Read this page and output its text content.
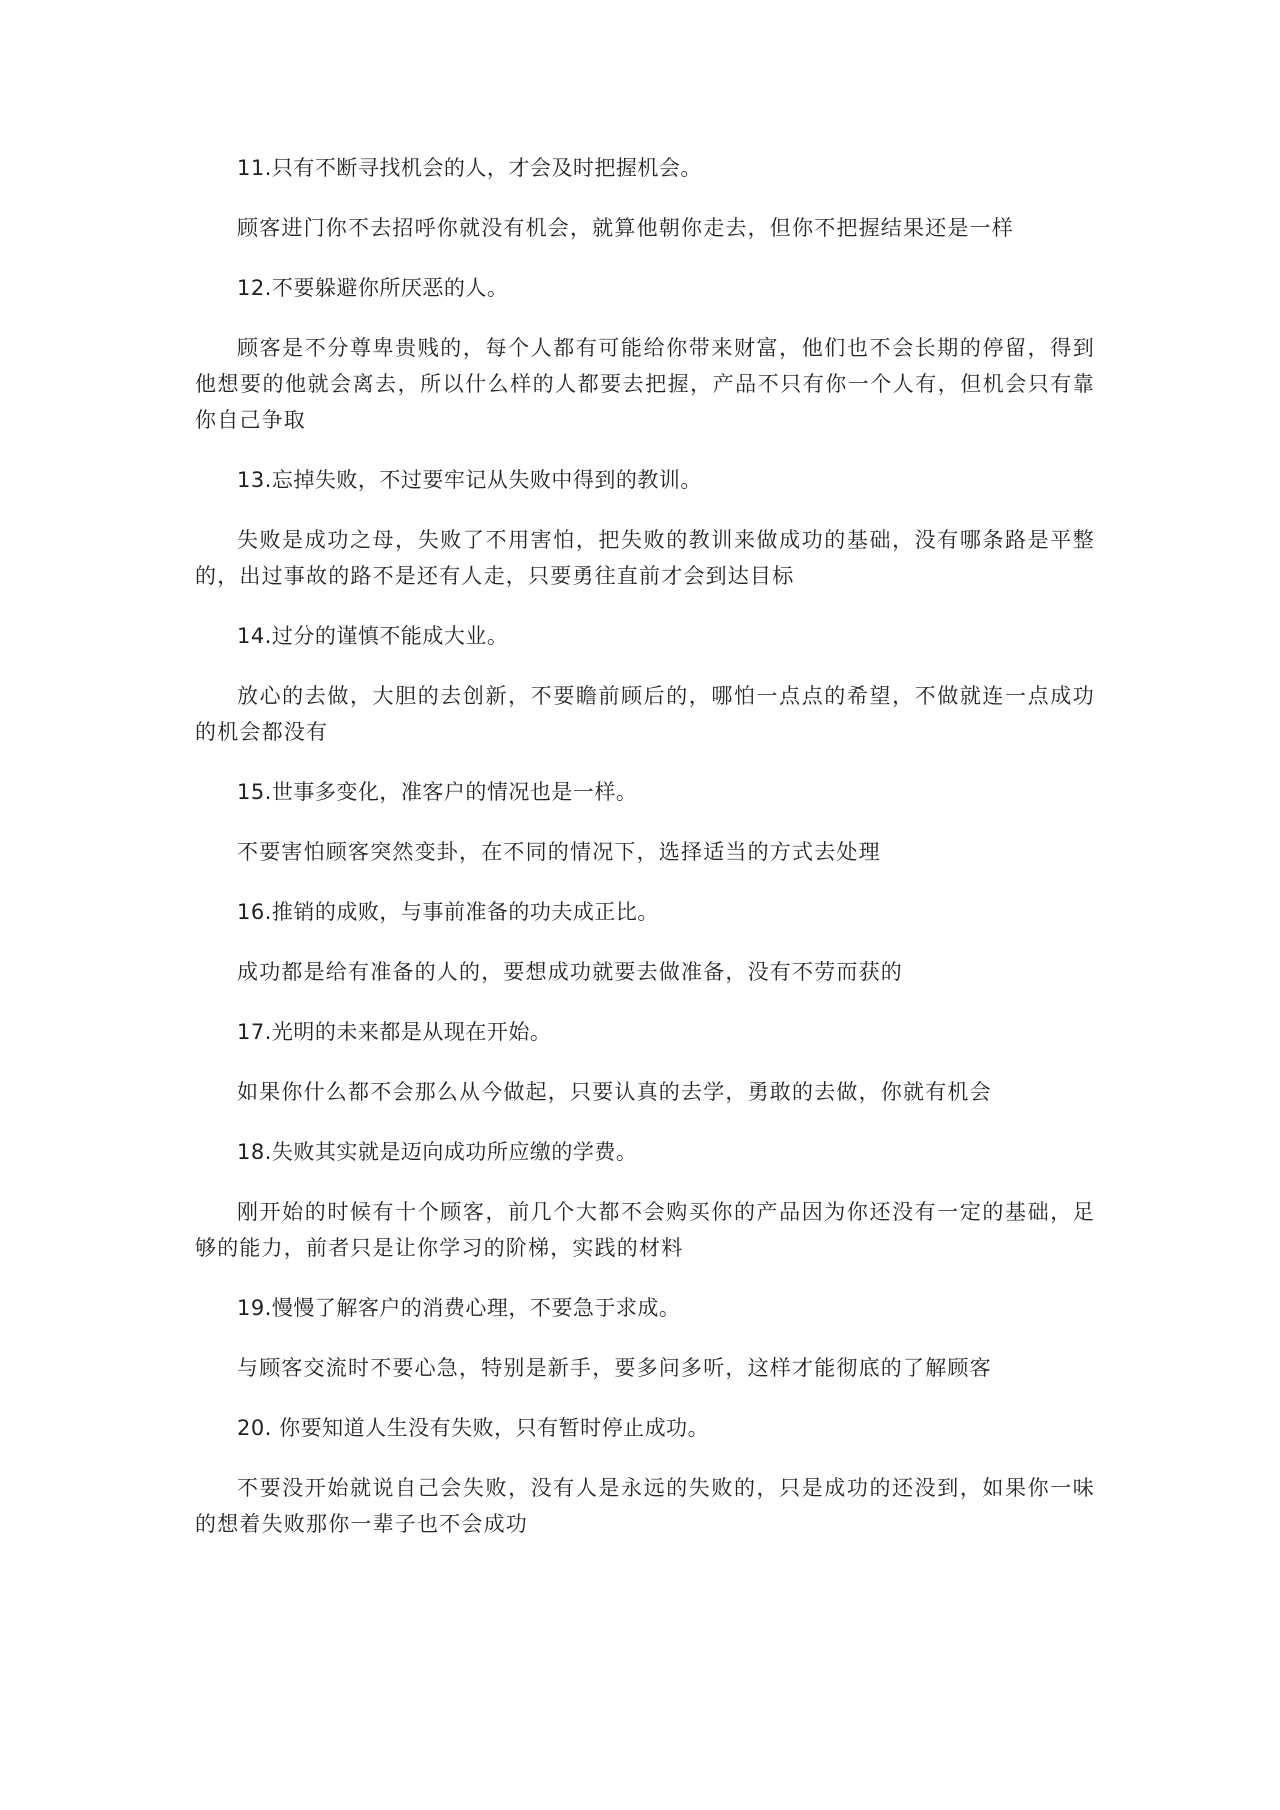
11.只有不断寻找机会的人，才会及时把握机会。

顾客进门你不去招呼你就没有机会，就算他朝你走去，但你不把握结果还是一样

12.不要躲避你所厌恶的人。

顾客是不分尊卑贵贱的，每个人都有可能给你带来财富，他们也不会长期的停留，得到他想要的他就会离去，所以什么样的人都要去把握，产品不只有你一个人有，但机会只有靠你自己争取

13.忘掉失败，不过要牢记从失败中得到的教训。

失败是成功之母，失败了不用害怕，把失败的教训来做成功的基础，没有哪条路是平整的，出过事故的路不是还有人走，只要勇往直前才会到达目标

14.过分的谨慎不能成大业。

放心的去做，大胆的去创新，不要瞻前顾后的，哪怕一点点的希望，不做就连一点成功的机会都没有

15.世事多变化，准客户的情况也是一样。

不要害怕顾客突然变卦，在不同的情况下，选择适当的方式去处理

16.推销的成败，与事前准备的功夫成正比。

成功都是给有准备的人的，要想成功就要去做准备，没有不劳而获的

17.光明的未来都是从现在开始。

如果你什么都不会那么从今做起，只要认真的去学，勇敢的去做，你就有机会

18.失败其实就是迈向成功所应缴的学费。

刚开始的时候有十个顾客，前几个大都不会购买你的产品因为你还没有一定的基础，足够的能力，前者只是让你学习的阶梯，实践的材料

19.慢慢了解客户的消费心理，不要急于求成。

与顾客交流时不要心急，特别是新手，要多问多听，这样才能彻底的了解顾客

20. 你要知道人生没有失败，只有暂时停止成功。

不要没开始就说自己会失败，没有人是永远的失败的，只是成功的还没到，如果你一味的想着失败那你一辈子也不会成功
